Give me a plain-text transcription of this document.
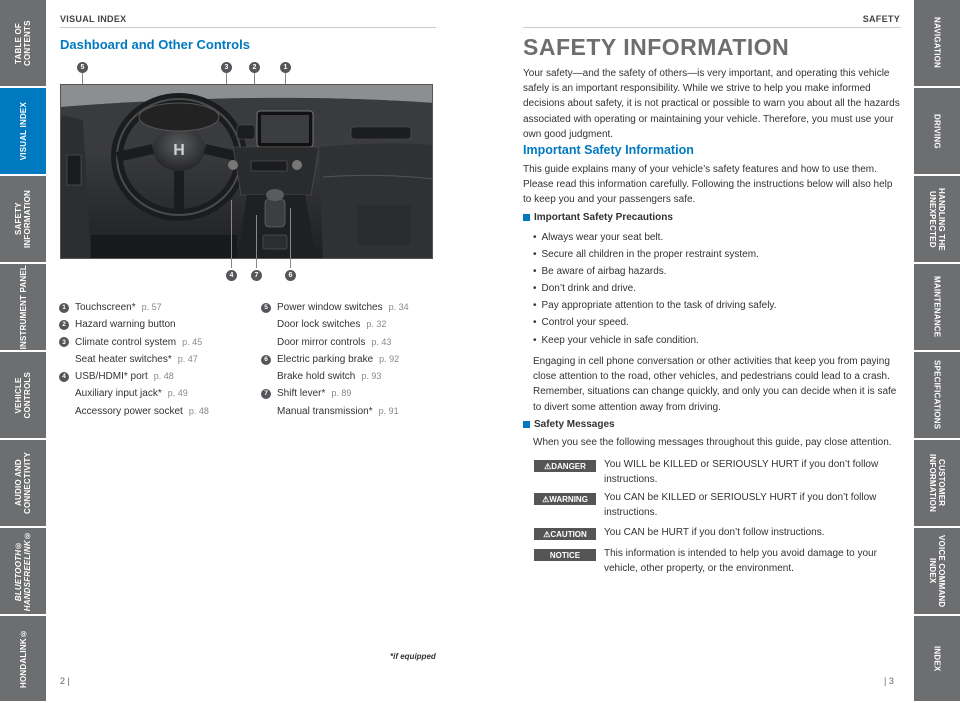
TABLE OF CONTENTS
VISUAL INDEX
SAFETY
INFORMATION
INSTRUMENT PANEL
VEHICLE
CONTROLS
AUDIO AND
CONNECTIVITY
BLUETOOTH®
HANDSFREELINK®
HONDALINK®
NAVIGATION
DRIVING
HANDLING THE
UNEXPECTED
MAINTENANCE
SPECIFICATIONS
CUSTOMER
INFORMATION
VOICE COMMAND
INDEX
INDEX
VISUAL INDEX
Dashboard and Other Controls
5	3	2	1
H
4	7	6
1 Touchscreen* p. 57
2 Hazard warning button
3 Climate control system p. 45
Seat heater switches* p. 47
4 USB/HDMI* port p. 48
Auxiliary input jack* p. 49
Accessory power socket p. 48
5 Power window switches p. 34
Door lock switches p. 32
Door mirror controls p. 43
6 Electric parking brake p. 92
Brake hold switch p. 93
7 Shift lever* p. 89
Manual transmission* p. 91
*if equipped
2 |
SAFETY
SAFETY INFORMATION
Your safety—and the safety of others—is very important, and operating this vehicle safely is an important responsibility. While we strive to help you make informed decisions about safety, it is not practical or possible to warn you about all the hazards associated with operating or maintaining your vehicle. Therefore, you must use your own good judgment.
Important Safety Information
This guide explains many of your vehicle’s safety features and how to use them. Please read this information carefully. Following the instructions below will also help to keep you and your passengers safe.
Important Safety Precautions
• Always wear your seat belt.
• Secure all children in the proper restraint system.
• Be aware of airbag hazards.
• Don’t drink and drive.
• Pay appropriate attention to the task of driving safely.
• Control your speed.
• Keep your vehicle in safe condition.
Engaging in cell phone conversation or other activities that keep you from paying close attention to the road, other vehicles, and pedestrians could lead to a crash. Remember, situations can change quickly, and only you can decide when it is safe to divert some attention away from driving.
Safety Messages
When you see the following messages throughout this guide, pay close attention.
⚠DANGER	You WILL be KILLED or SERIOUSLY HURT if you don’t follow instructions.
⚠WARNING	You CAN be KILLED or SERIOUSLY HURT if you don’t follow instructions.
⚠CAUTION	You CAN be HURT if you don’t follow instructions.
NOTICE	This information is intended to help you avoid damage to your vehicle, other property, or the environment.
| 3
